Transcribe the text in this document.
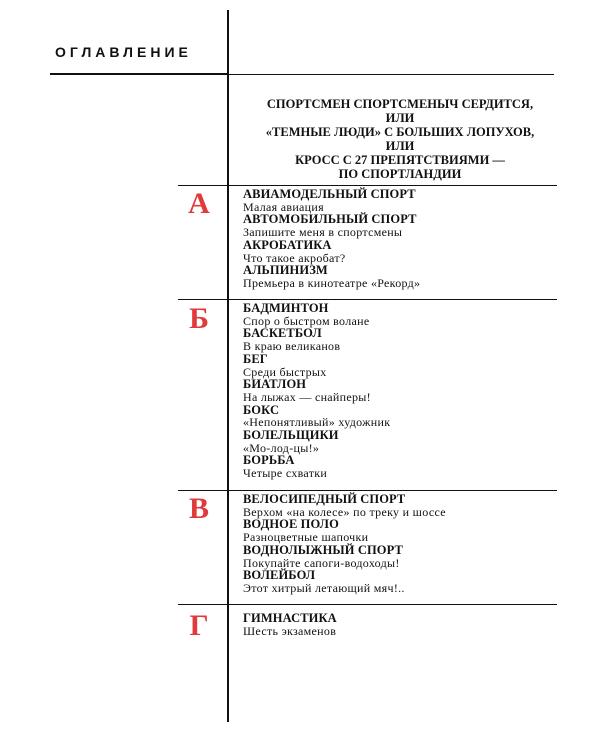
ОГЛАВЛЕНИЕ
СПОРТСМЕН СПОРТСМЕНЫЧ СЕРДИТСЯ,
ИЛИ
«ТЕМНЫЕ ЛЮДИ» С БОЛЬШИХ ЛОПУХОВ,
ИЛИ
КРОСС С 27 ПРЕПЯТСТВИЯМИ —
ПО СПОРТЛАНДИИ
А	АВИАМОДЕЛЬНЫЙ СПОРТ
Малая авиация
АВТОМОБИЛЬНЫЙ СПОРТ
Запишите меня в спортсмены
АКРОБАТИКА
Что такое акробат?
АЛЬПИНИЗМ
Премьера в кинотеатре «Рекорд»
Б	БАДМИНТОН
Спор о быстром волане
БАСКЕТБОЛ
В краю великанов
БЕГ
Среди быстрых
БИАТЛОН
На лыжах — снайперы!
БОКС
«Непонятливый» художник
БОЛЕЛЬЩИКИ
«Мо-лод-цы!»
БОРЬБА
Четыре схватки
В	ВЕЛОСИПЕДНЫЙ СПОРТ
Верхом «на колесе» по треку и шоссе
ВОДНОЕ ПОЛО
Разноцветные шапочки
ВОДНОЛЫЖНЫЙ СПОРТ
Покупайте сапоги-водоходы!
ВОЛЕЙБОЛ
Этот хитрый летающий мяч!..
Г	ГИМНАСТИКА
Шесть экзаменов
